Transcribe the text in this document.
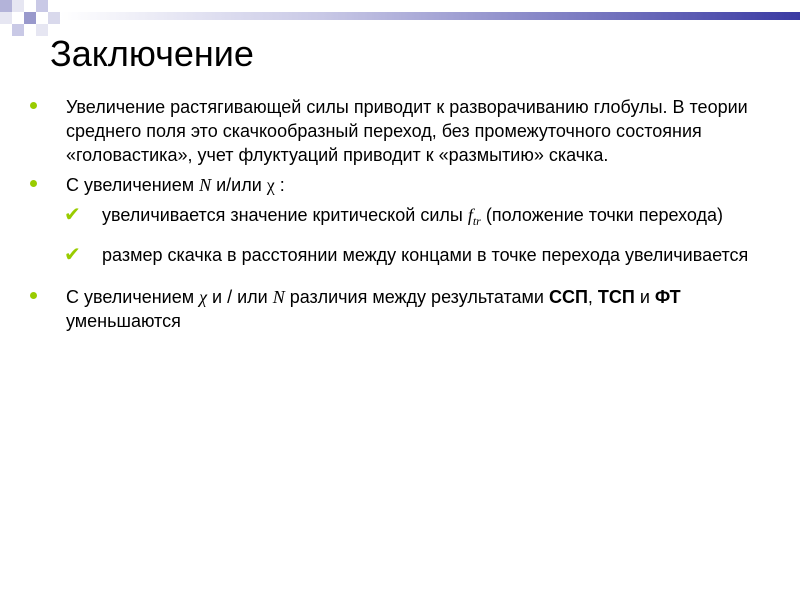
Заключение
Увеличение растягивающей силы приводит к разворачиванию глобулы. В теории среднего поля это скачкообразный переход, без промежуточного состояния «головастика», учет флуктуаций приводит к «размытию» скачка.
С увеличением N и/или χ :
✔ увеличивается значение критической силы $f_{tr}$ (положение точки перехода)
✔ размер скачка в расстоянии между концами в точке перехода увеличивается
С увеличением χ и / или N различия между результатами ССП, ТСП и ФТ уменьшаются
